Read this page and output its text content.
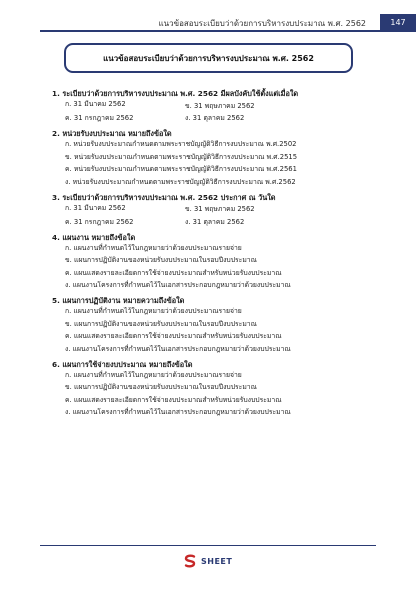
แนวข้อสอบระเบียบว่าด้วยการบริหารงบประมาณ พ.ศ. 2562	147
แนวข้อสอบระเบียบว่าด้วยการบริหารงบประมาณ พ.ศ. 2562
1. ระเบียบว่าด้วยการบริหารงบประมาณ พ.ศ. 2562 มีผลบังคับใช้ตั้งแต่เมื่อใด
ก. 31 มีนาคม 2562	ข. 31 พฤษภาคม 2562
ค. 31 กรกฎาคม 2562	ง. 31 ตุลาคม 2562
2. หน่วยรับงบประมาณ หมายถึงข้อใด
ก. หน่วยรับงบประมาณกำหนดตามพระราชบัญญัติวิธีการงบประมาณ พ.ศ.2502
ข. หน่วยรับงบประมาณกำหนดตามพระราชบัญญัติวิธีการงบประมาณ พ.ศ.2515
ค. หน่วยรับงบประมาณกำหนดตามพระราชบัญญัติวิธีการงบประมาณ พ.ศ.2561
ง. หน่วยรับงบประมาณกำหนดตามพระราชบัญญัติวิธีการงบประมาณ พ.ศ.2562
3. ระเบียบว่าด้วยการบริหารงบประมาณ พ.ศ. 2562 ประกาศ ณ วันใด
ก. 31 มีนาคม 2562	ข. 31 พฤษภาคม 2562
ค. 31 กรกฎาคม 2562	ง. 31 ตุลาคม 2562
4. แผนงาน หมายถึงข้อใด
ก. แผนงานที่กำหนดไว้ในกฎหมายว่าด้วยงบประมาณรายจ่าย
ข. แผนการปฏิบัติงานของหน่วยรับงบประมาณในรอบปีงบประมาณ
ค. แผนแสดงรายละเอียดการใช้จ่ายงบประมาณสำหรับหน่วยรับงบประมาณ
ง. แผนงานโครงการที่กำหนดไว้ในเอกสารประกอบกฎหมายว่าด้วยงบประมาณ
5. แผนการปฏิบัติงาน หมายความถึงข้อใด
ก. แผนงานที่กำหนดไว้ในกฎหมายว่าด้วยงบประมาณรายจ่าย
ข. แผนการปฏิบัติงานของหน่วยรับงบประมาณในรอบปีงบประมาณ
ค. แผนแสดงรายละเอียดการใช้จ่ายงบประมาณสำหรับหน่วยรับงบประมาณ
ง. แผนงานโครงการที่กำหนดไว้ในเอกสารประกอบกฎหมายว่าด้วยงบประมาณ
6. แผนการใช้จ่ายงบประมาณ หมายถึงข้อใด
ก. แผนงานที่กำหนดไว้ในกฎหมายว่าด้วยงบประมาณรายจ่าย
ข. แผนการปฏิบัติงานของหน่วยรับงบประมาณในรอบปีงบประมาณ
ค. แผนแสดงรายละเอียดการใช้จ่ายงบประมาณสำหรับหน่วยรับงบประมาณ
ง. แผนงานโครงการที่กำหนดไว้ในเอกสารประกอบกฎหมายว่าด้วยงบประมาณ
SHEET
